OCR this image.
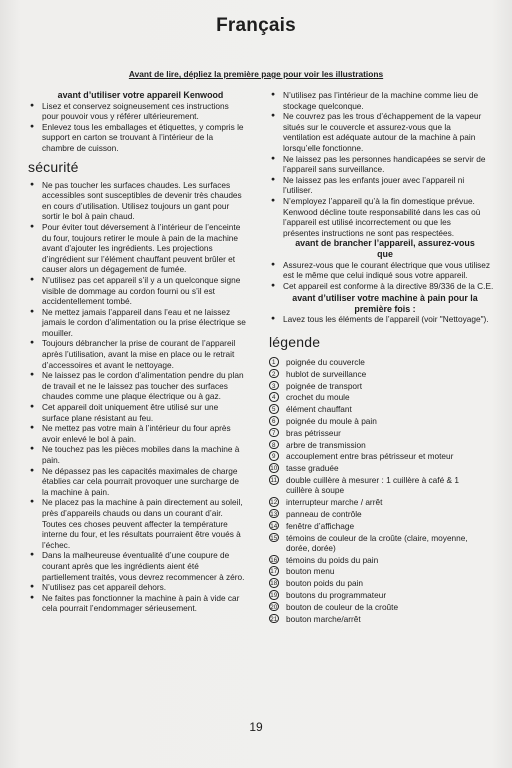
Français
Avant de lire, dépliez la première page pour voir les illustrations

avant d’utiliser votre appareil Kenwood

● Lisez et conservez soigneusement ces instructions
pour pouvoir vous y référer ultérieurement.
● Enlevez tous les emballages et étiquettes, y compris le
support en carton se trouvant à l’intérieur de la
chambre de cuisson.
sécurité
● Ne pas toucher les surfaces chaudes. Les surfaces
accessibles sont susceptibles de devenir très chaudes
en cours d’utilisation. Utilisez toujours un gant pour
sortir le bol à pain chaud.
● Pour éviter tout déversement à l’intérieur de l’enceinte
du four, toujours retirer le moule à pain de la machine
avant d’ajouter les ingrédients. Les projections
d’ingrédient sur l’élément chauffant peuvent brûler et
causer alors un dégagement de fumée.
● N’utilisez pas cet appareil s’il y a un quelconque signe
visible de dommage au cordon fourni ou s’il est
accidentellement tombé.
● Ne mettez jamais l’appareil dans l’eau et ne laissez
jamais le cordon d’alimentation ou la prise électrique se
mouiller.
● Toujours débrancher la prise de courant de l’appareil
après l’utilisation, avant la mise en place ou le retrait
d’accessoires et avant le nettoyage.
● Ne laissez pas le cordon d’alimentation pendre du plan
de travail et ne le laissez pas toucher des surfaces
chaudes comme une plaque électrique ou à gaz.
● Cet appareil doit uniquement être utilisé sur une
surface plane résistant au feu.
● Ne mettez pas votre main à l’intérieur du four après
avoir enlevé le bol à pain.
● Ne touchez pas les pièces mobiles dans la machine à
pain.
● Ne dépassez pas les capacités maximales de charge
établies car cela pourrait provoquer une surcharge de
la machine à pain.
● Ne placez pas la machine à pain directement au soleil,
près d’appareils chauds ou dans un courant d’air.
Toutes ces choses peuvent affecter la température
interne du four, et les résultats pourraient être voués à
l’échec.
● Dans la malheureuse éventualité d’une coupure de
courant après que les ingrédients aient été
partiellement traités, vous devrez recommencer à zéro.
● N’utilisez pas cet appareil dehors.
● Ne faites pas fonctionner la machine à pain à vide car
cela pourrait l’endommager sérieusement.
● N’utilisez pas l’intérieur de la machine comme lieu de
stockage quelconque.
● Ne couvrez pas les trous d’échappement de la vapeur
situés sur le couvercle et assurez-vous que la
ventilation est adéquate autour de la machine à pain
lorsqu’elle fonctionne.
● Ne laissez pas les personnes handicapées se servir de
l’appareil sans surveillance.
● Ne laissez pas les enfants jouer avec l’appareil ni
l’utiliser.
● N’employez l’appareil qu’à la fin domestique prévue.
Kenwood décline toute responsabilité dans les cas où
l’appareil est utilisé incorrectement ou que les
présentes instructions ne sont pas respectées.

avant de brancher l’appareil, assurez-vous
que

● Assurez-vous que le courant électrique que vous utilisez
est le même que celui indiqué sous votre appareil.
● Cet appareil est conforme à la directive 89/336 de la C.E.

avant d’utiliser votre machine à pain pour la
première fois :

● Lavez tous les éléments de l’appareil (voir "Nettoyage").
légende
1	poignée du couvercle
2	hublot de surveillance
3	poignée de transport
4	crochet du moule
5	élément chauffant
6	poignée du moule à pain
7	bras pétrisseur
8	arbre de transmission
9	accouplement entre bras pétrisseur et moteur
10 tasse graduée
11 double cuillère à mesurer : 1 cuillère à café & 1
cuillère à soupe
12 interrupteur marche / arrêt
13 panneau de contrôle
14 fenêtre d’affichage
15 témoins de couleur de la croûte (claire, moyenne,
dorée, dorée)
16 témoins du poids du pain
17 bouton menu
18 bouton poids du pain
19 boutons du programmateur
20 bouton de couleur de la croûte
21 bouton marche/arrêt
19
